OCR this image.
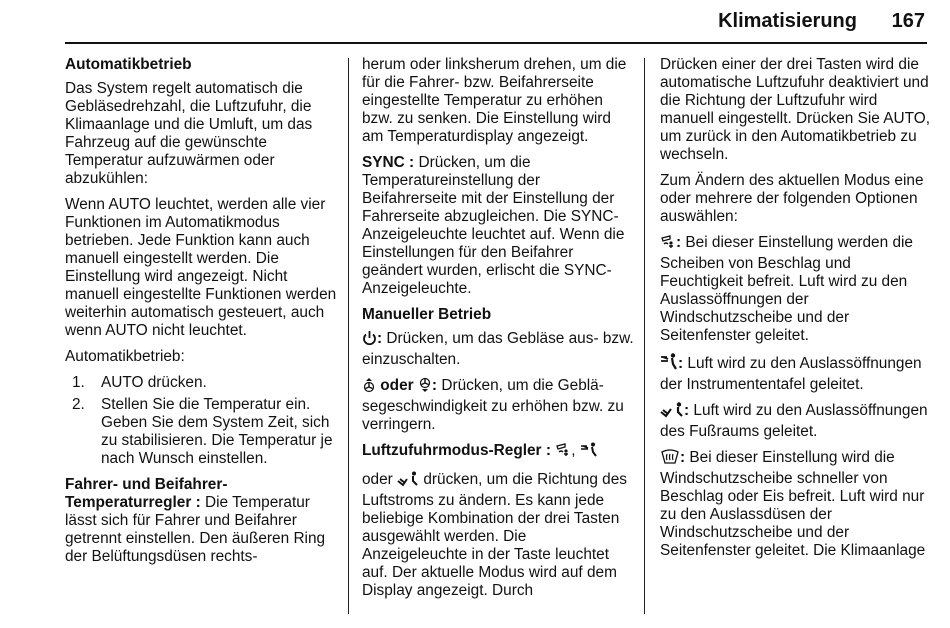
Klimatisierung 167

Automatikbetrieb

Das System regelt automatisch die Gebläsedrehzahl, die Luftzufuhr, die Klimaanlage und die Umluft, um das Fahrzeug auf die gewünschte Temperatur aufzuwärmen oder abzukühlen:

Wenn AUTO leuchtet, werden alle vier Funktionen im Automatikmodus betrieben. Jede Funktion kann auch manuell eingestellt werden. Die Einstellung wird angezeigt. Nicht manuell eingestellte Funktionen werden weiterhin automatisch gesteuert, auch wenn AUTO nicht leuchtet.

Automatikbetrieb:

1. AUTO drücken.
2. Stellen Sie die Temperatur ein. Geben Sie dem System Zeit, sich zu stabilisieren. Die Temperatur je nach Wunsch einstellen.

Fahrer- und Beifahrer-Temperaturregler : Die Temperatur lässt sich für Fahrer und Beifahrer getrennt einstellen. Den äußeren Ring der Belüftungsdüsen rechts-

herum oder linksherum drehen, um die für die Fahrer- bzw. Beifahrerseite eingestellte Temperatur zu erhöhen bzw. zu senken. Die Einstellung wird am Temperaturdisplay angezeigt.

SYNC : Drücken, um die Temperatureinstellung der Beifahrerseite mit der Einstellung der Fahrerseite abzugleichen. Die SYNC-Anzeigeleuchte leuchtet auf. Wenn die Einstellungen für den Beifahrer geändert wurden, erlischt die SYNC-Anzeigeleuchte.

Manueller Betrieb

: Drücken, um das Gebläse aus- bzw. einzuschalten.

oder : Drücken, um die Geblä- segeschwindigkeit zu erhöhen bzw. zu verringern.

Luftzufuhrmodus-Regler : ,

oder  drücken, um die Richtung des Luftstroms zu ändern. Es kann jede beliebige Kombination der drei Tasten ausgewählt werden. Die Anzeigeleuchte in der Taste leuchtet auf. Der aktuelle Modus wird auf dem Display angezeigt. Durch

Drücken einer der drei Tasten wird die automatische Luftzufuhr deaktiviert und die Richtung der Luftzufuhr wird manuell eingestellt. Drücken Sie AUTO, um zurück in den Automatikbetrieb zu wechseln.

Zum Ändern des aktuellen Modus eine oder mehrere der folgenden Optionen auswählen:

: Bei dieser Einstellung werden die Scheiben von Beschlag und Feuchtigkeit befreit. Luft wird zu den Auslassöffnungen der Windschutzscheibe und der Seitenfenster geleitet.

: Luft wird zu den Auslassöffnungen der Instrumententafel geleitet.

: Luft wird zu den Auslassöffnungen des Fußraums geleitet.

: Bei dieser Einstellung wird die Windschutzscheibe schneller von Beschlag oder Eis befreit. Luft wird nur zu den Auslassdüsen der Windschutzscheibe und der Seitenfenster geleitet. Die Klimaanlage
